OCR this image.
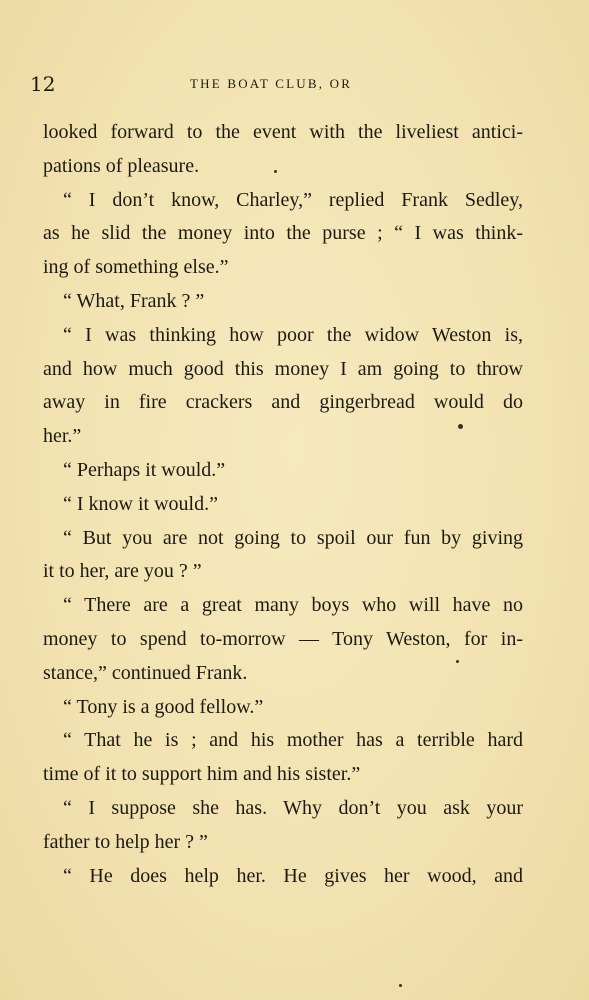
12	THE BOAT CLUB, OR
looked forward to the event with the liveliest antici-
pations of pleasure.
“ I don’t know, Charley,” replied Frank Sedley,
as he slid the money into the purse ; “ I was think-
ing of something else.”
“ What, Frank ? ”
“ I was thinking how poor the widow Weston is,
and how much good this money I am going to throw
away in fire crackers and gingerbread would do
her.”
“ Perhaps it would.”
“ I know it would.”
“ But you are not going to spoil our fun by giving
it to her, are you ? ”
“ There are a great many boys who will have no
money to spend to-morrow — Tony Weston, for in-
stance,” continued Frank.
“ Tony is a good fellow.”
“ That he is ; and his mother has a terrible hard
time of it to support him and his sister.”
“ I suppose she has. Why don’t you ask your
father to help her ? ”
“ He does help her. He gives her wood, and
